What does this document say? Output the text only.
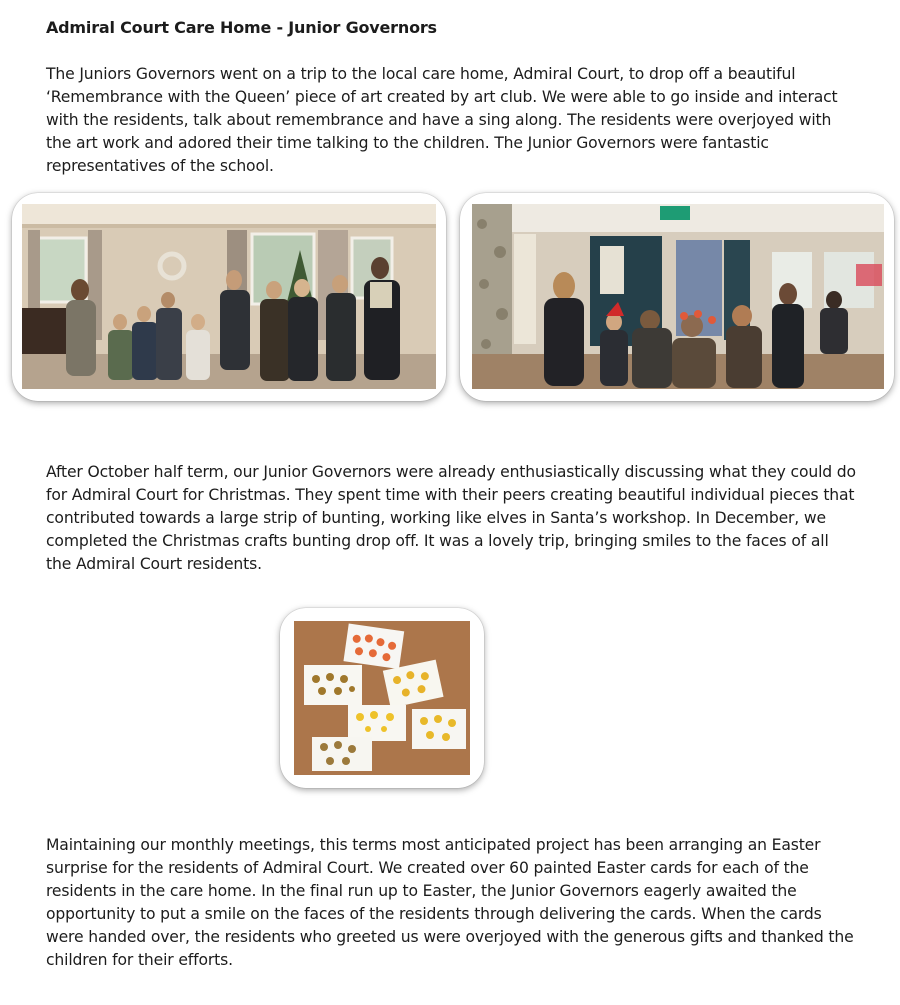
Admiral Court Care Home - Junior Governors

The Juniors Governors went on a trip to the local care home, Admiral Court, to drop off a beautiful ‘Remembrance with the Queen’ piece of art created by art club. We were able to go inside and interact with the residents, talk about remembrance and have a sing along. The residents were overjoyed with the art work and adored their time talking to the children. The Junior Governors were fantastic representatives of the school.

After October half term, our Junior Governors were already enthusiastically discussing what they could do for Admiral Court for Christmas. They spent time with their peers creating beautiful individual pieces that contributed towards a large strip of bunting, working like elves in Santa’s workshop. In December, we completed the Christmas crafts bunting drop off. It was a lovely trip, bringing smiles to the faces of all the Admiral Court residents.

Maintaining our monthly meetings, this terms most anticipated project has been arranging an Easter surprise for the residents of Admiral Court. We created over 60 painted Easter cards for each of the residents in the care home. In the final run up to Easter, the Junior Governors eagerly awaited the opportunity to put a smile on the faces of the residents through delivering the cards. When the cards were handed over, the residents who greeted us were overjoyed with the generous gifts and thanked the children for their efforts.
